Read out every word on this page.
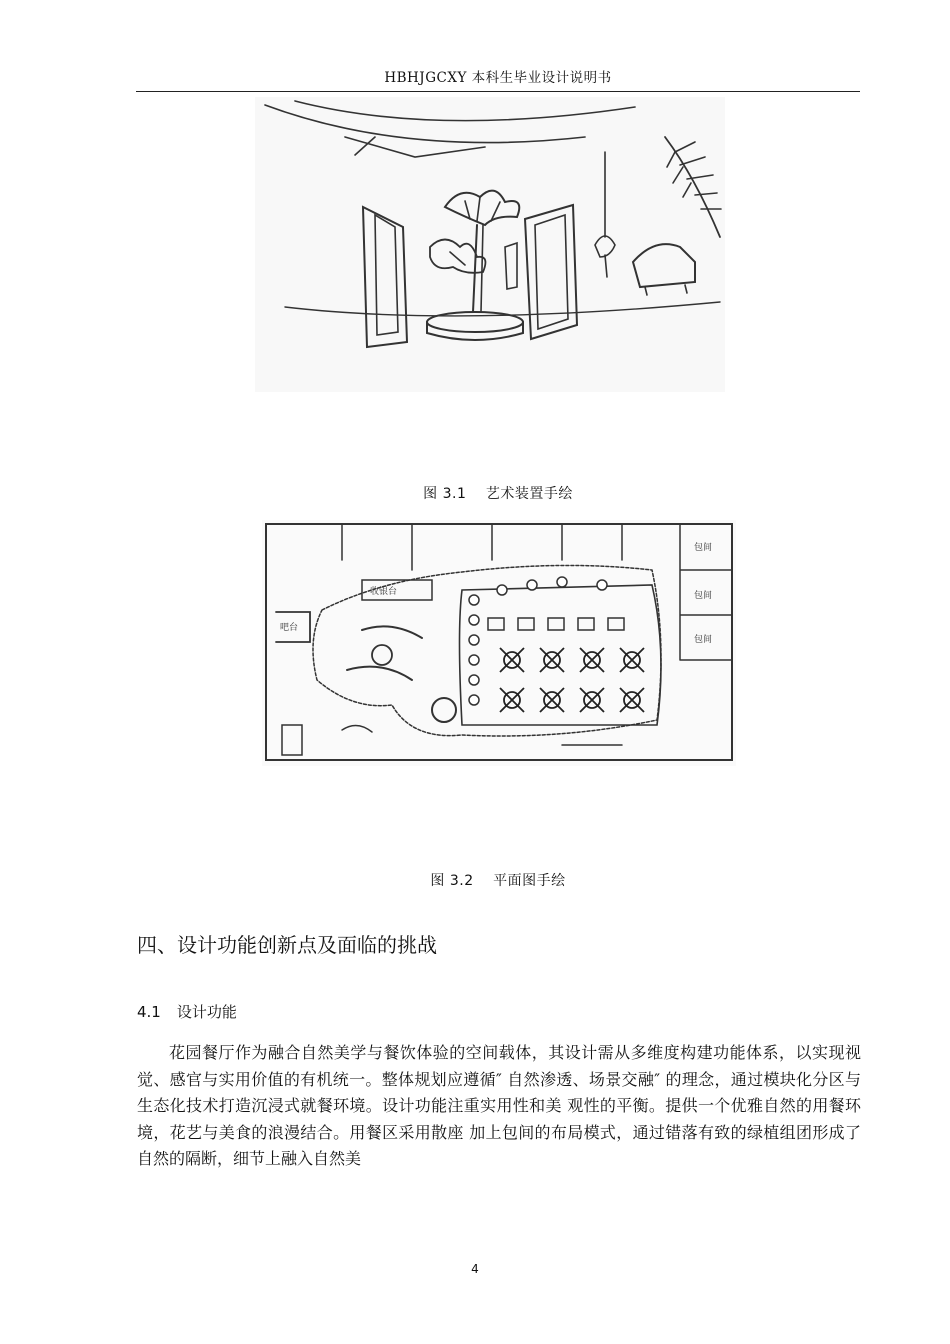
HBHJGCXY 本科生毕业设计说明书
图 3.1　 艺术装置手绘
包间
包间
包间
吧台
收银台
图 3.2　 平面图手绘
四、设计功能创新点及面临的挑战
4.1 设计功能

花园餐厅作为融合自然美学与餐饮体验的空间载体，其设计需从多维度构建功能体系，以实现视觉、感官与实用价值的有机统一。整体规划应遵循″ 自然渗透、场景交融″ 的理念，通过模块化分区与生态化技术打造沉浸式就餐环境。设计功能注重实用性和美 观性的平衡。提供一个优雅自然的用餐环境，花艺与美食的浪漫结合。用餐区采用散座 加上包间的布局模式，通过错落有致的绿植组团形成了自然的隔断，细节上融入自然美

4
